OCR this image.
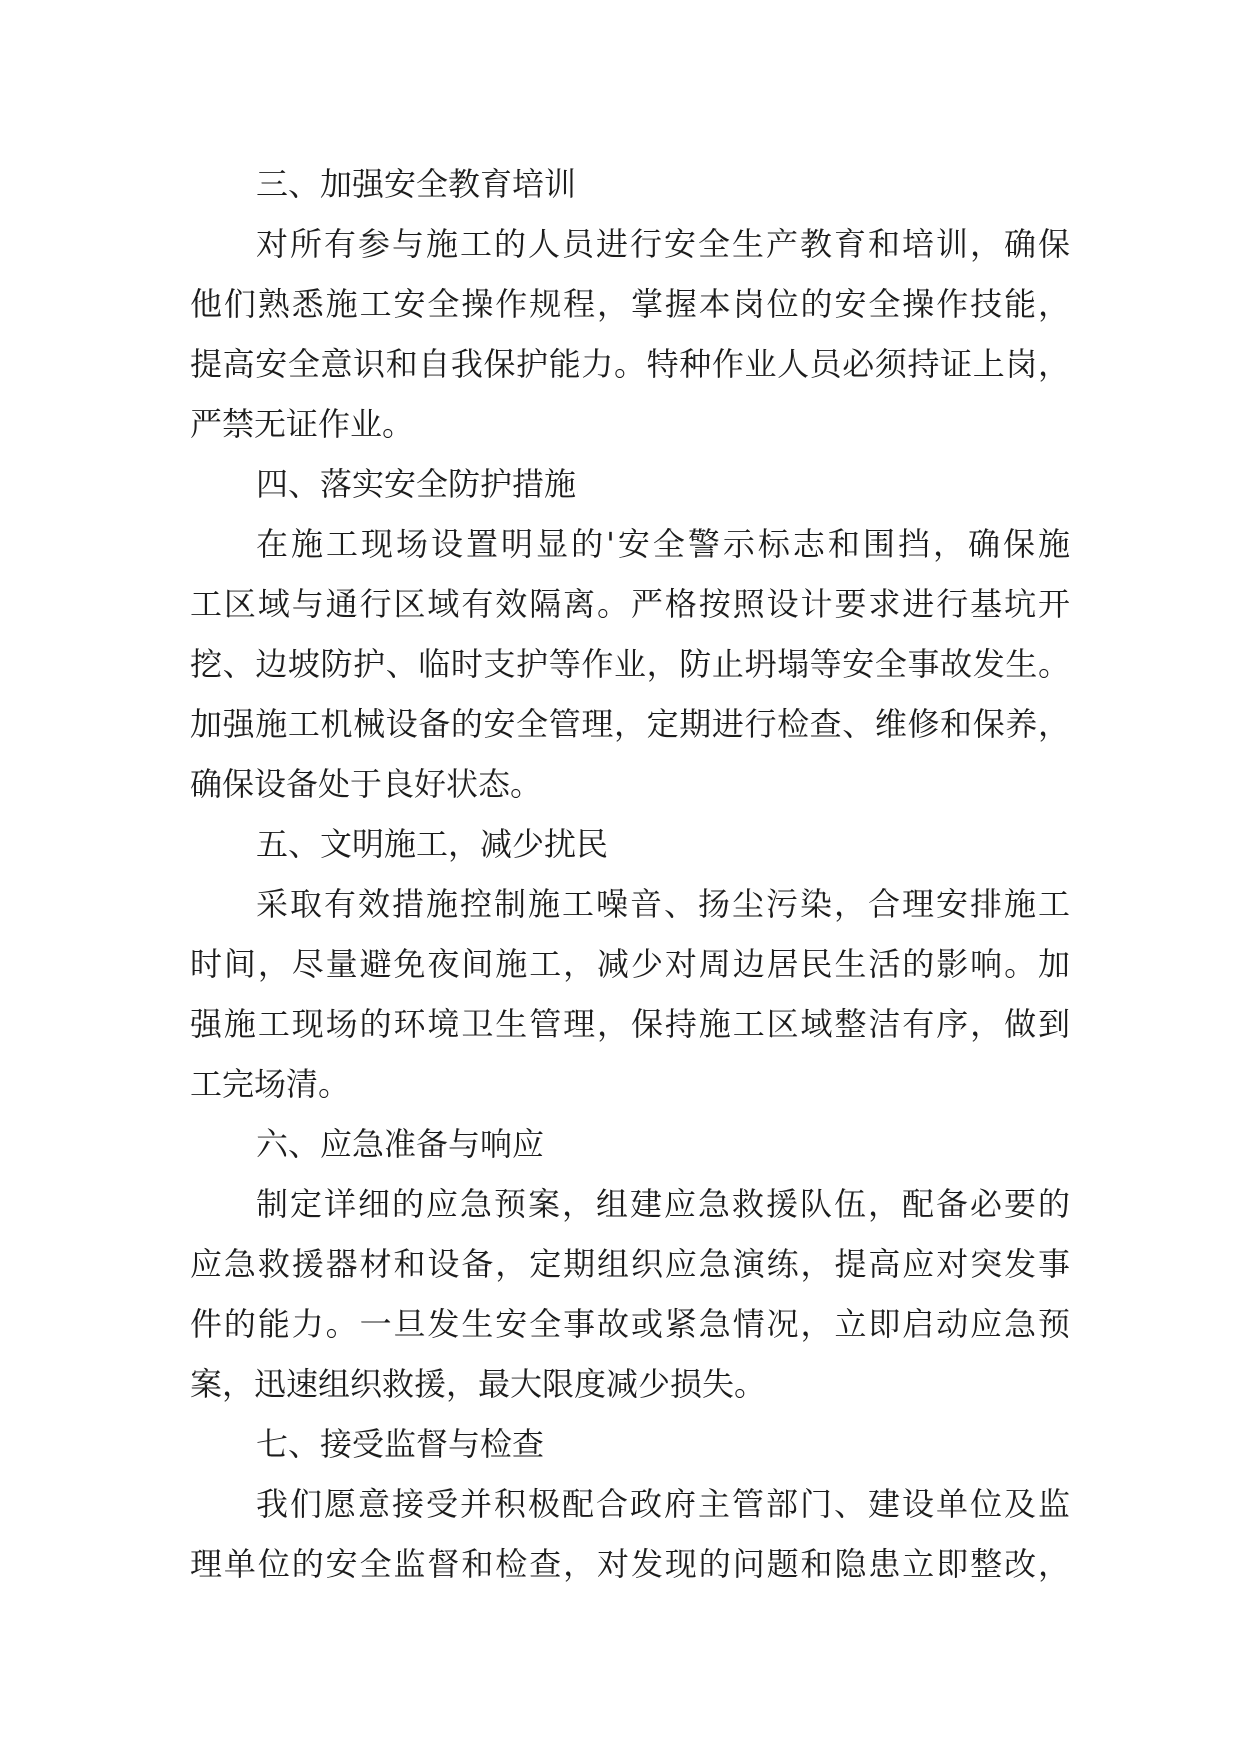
三、加强安全教育培训
对所有参与施工的人员进行安全生产教育和培训，确保
他们熟悉施工安全操作规程，掌握本岗位的安全操作技能，
提高安全意识和自我保护能力。特种作业人员必须持证上岗，
严禁无证作业。
四、落实安全防护措施
在施工现场设置明显的'安全警示标志和围挡，确保施
工区域与通行区域有效隔离。严格按照设计要求进行基坑开
挖、边坡防护、临时支护等作业，防止坍塌等安全事故发生。
加强施工机械设备的安全管理，定期进行检查、维修和保养，
确保设备处于良好状态。
五、文明施工，减少扰民
采取有效措施控制施工噪音、扬尘污染，合理安排施工
时间，尽量避免夜间施工，减少对周边居民生活的影响。加
强施工现场的环境卫生管理，保持施工区域整洁有序，做到
工完场清。
六、应急准备与响应
制定详细的应急预案，组建应急救援队伍，配备必要的
应急救援器材和设备，定期组织应急演练，提高应对突发事
件的能力。一旦发生安全事故或紧急情况，立即启动应急预
案，迅速组织救援，最大限度减少损失。
七、接受监督与检查
我们愿意接受并积极配合政府主管部门、建设单位及监
理单位的安全监督和检查，对发现的问题和隐患立即整改，
